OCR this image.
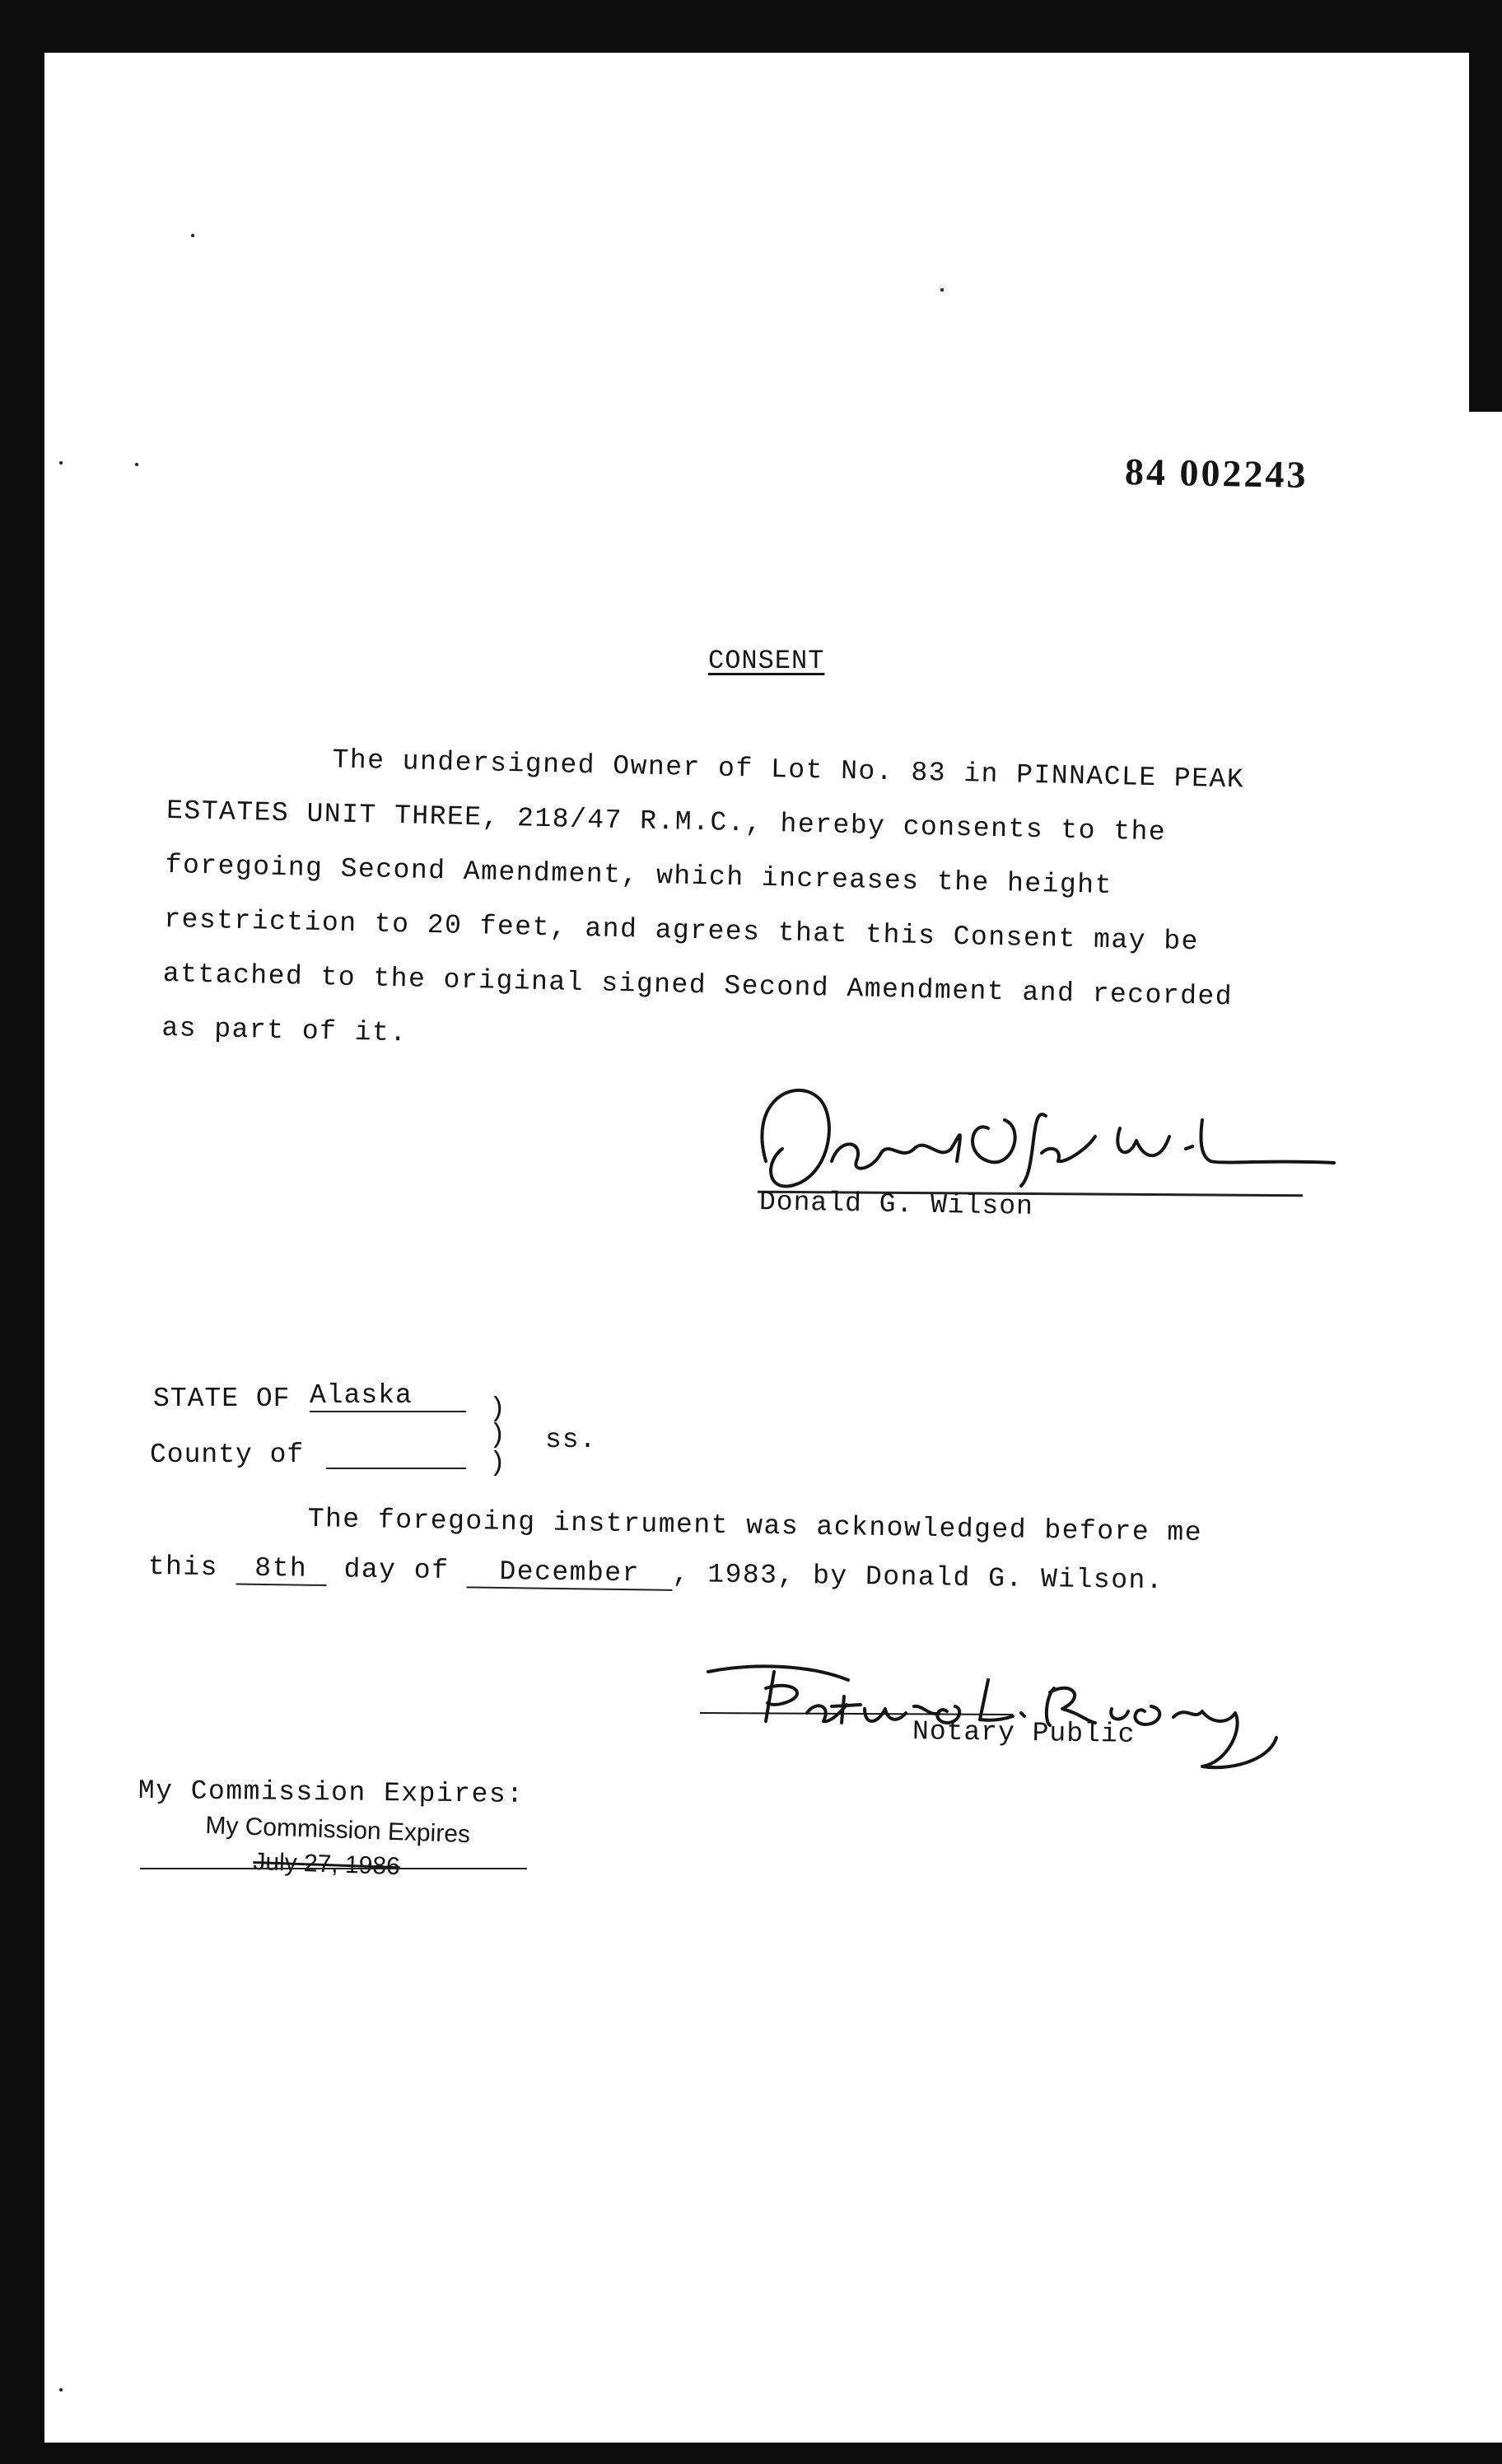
84 002243
CONSENT
The undersigned Owner of Lot No. 83 in PINNACLE PEAK
ESTATES UNIT THREE, 218/47 R.M.C., hereby consents to the
foregoing Second Amendment, which increases the height
restriction to 20 feet, and agrees that this Consent may be
attached to the original signed Second Amendment and recorded
as part of it.
Donald G. Wilson
STATE OF Alaska	)
)
)
ss.
County of
The foregoing instrument was acknowledged before me
this 8th day of December , 1983, by Donald G. Wilson.
Notary Public
My Commission Expires:
My Commission Expires
July 27, 1986
